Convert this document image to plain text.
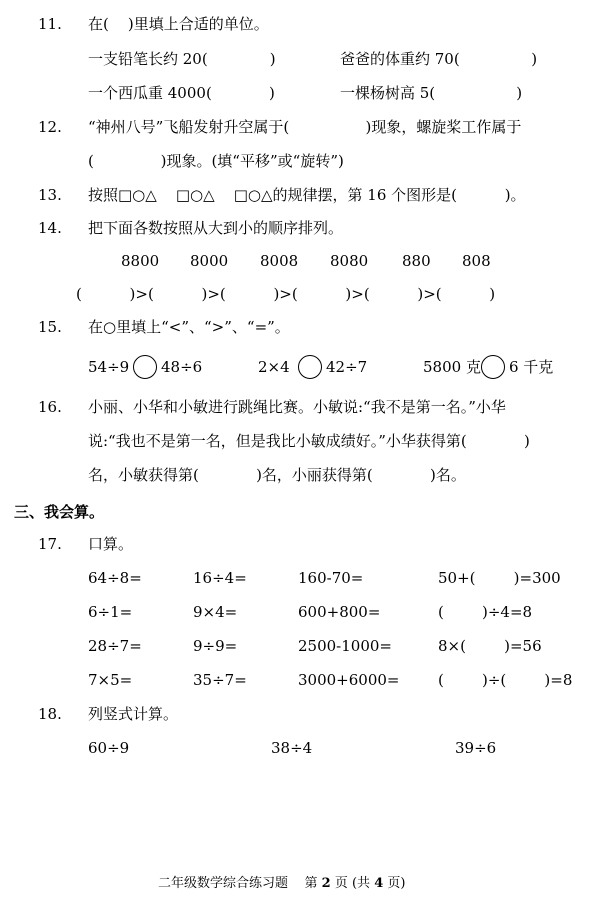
11. 在(    )里填上合适的单位。
一支铅笔长约 20(             )	爸爸的体重约 70(               )
一个西瓜重 4000(            )	一棵杨树高 5(                 )
12. “神州八号”飞船发射升空属于(                )现象，螺旋桨工作属于
(              )现象。(填“平移”或“旋转”)
13. 按照□○△    □○△    □○△的规律摆，第 16 个图形是(          )。
14. 把下面各数按照从大到小的顺序排列。
8800 8000 8008 8080 880 808
(          )>(          )>(          )>(          )>(          )>(          )
15. 在○里填上“<”、“>”、“=”。
54÷9 48÷6	2×4 42÷7	5800 克 6 千克
16. 小丽、小华和小敏进行跳绳比赛。小敏说:“我不是第一名。”小华
说:“我也不是第一名，但是我比小敏成绩好。”小华获得第(            )
名，小敏获得第(            )名，小丽获得第(            )名。
三、我会算。
17. 口算。
64÷8=	16÷4=	160-70=	50+(        )=300
6÷1=	9×4=	600+800=	(        )÷4=8
28÷7=	9÷9=	2500-1000=	8×(        )=56
7×5=	35÷7=	3000+6000=	(        )÷(        )=8
18. 列竖式计算。
60÷9	38÷4	39÷6
二年级数学综合练习题    第 2 页 (共 4 页)
